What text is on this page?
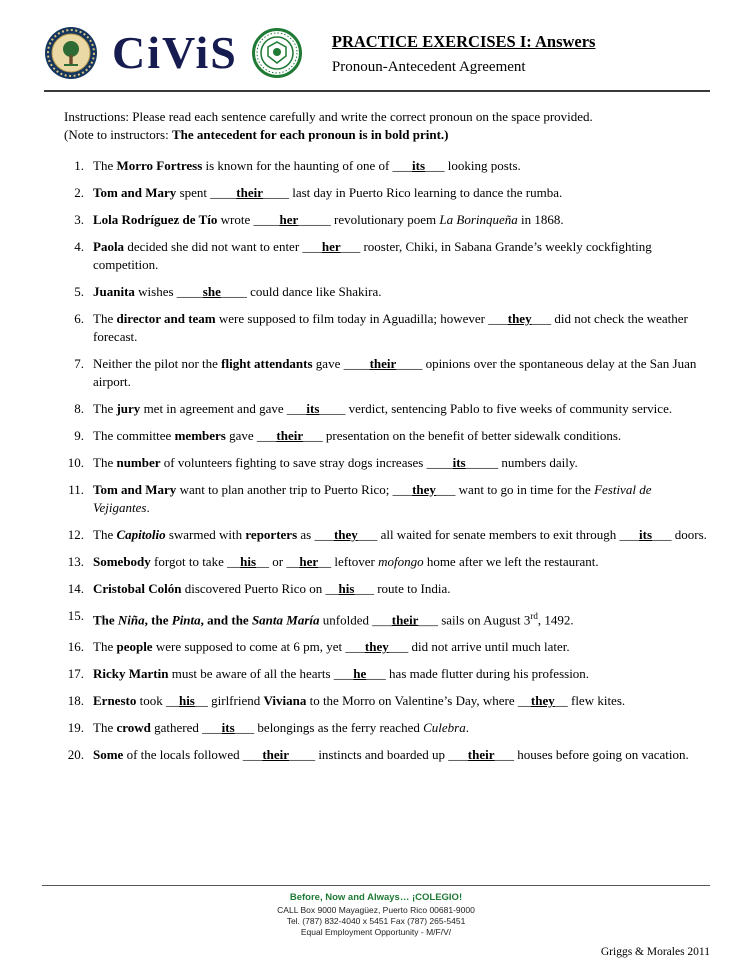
CiViS	PRACTICE EXERCISES I: Answers
Pronoun-Antecedent Agreement
Instructions: Please read each sentence carefully and write the correct pronoun on the space provided.
(Note to instructors: The antecedent for each pronoun is in bold print.)
1. The Morro Fortress is known for the haunting of one of ___its___ looking posts.
2. Tom and Mary spent ____their____ last day in Puerto Rico learning to dance the rumba.
3. Lola Rodríguez de Tío wrote ____her_____ revolutionary poem La Borinqueña in 1868.
4. Paola decided she did not want to enter ___her___ rooster, Chiki, in Sabana Grande’s weekly cockfighting competition.
5. Juanita wishes ____she____ could dance like Shakira.
6. The director and team were supposed to film today in Aguadilla; however ___they___ did not check the weather forecast.
7. Neither the pilot nor the flight attendants gave ____their____ opinions over the spontaneous delay at the San Juan airport.
8. The jury met in agreement and gave ___its____ verdict, sentencing Pablo to five weeks of community service.
9. The committee members gave ___their___ presentation on the benefit of better sidewalk conditions.
10. The number of volunteers fighting to save stray dogs increases ____its_____ numbers daily.
11. Tom and Mary want to plan another trip to Puerto Rico; ___they___ want to go in time for the Festival de Vejigantes.
12. The Capitolio swarmed with reporters as ___they___ all waited for senate members to exit through ___its___ doors.
13. Somebody forgot to take __his__ or __her__ leftover mofongo home after we left the restaurant.
14. Cristobal Colón discovered Puerto Rico on __his___ route to India.
15. The Niña, the Pinta, and the Santa María unfolded ___their___ sails on August 3rd, 1492.
16. The people were supposed to come at 6 pm, yet ___they___ did not arrive until much later.
17. Ricky Martin must be aware of all the hearts ___he___ has made flutter during his profession.
18. Ernesto took __his__ girlfriend Viviana to the Morro on Valentine’s Day, where __they__ flew kites.
19. The crowd gathered ___its___ belongings as the ferry reached Culebra.
20. Some of the locals followed ___their____ instincts and boarded up ___their___ houses before going on vacation.
Before, Now and Always… ¡COLEGIO!
CALL Box 9000 Mayagüez, Puerto Rico 00681-9000
Tel. (787) 832-4040 x 5451 Fax (787) 265-5451
Equal Employment Opportunity - M/F/V/
Griggs & Morales 2011
